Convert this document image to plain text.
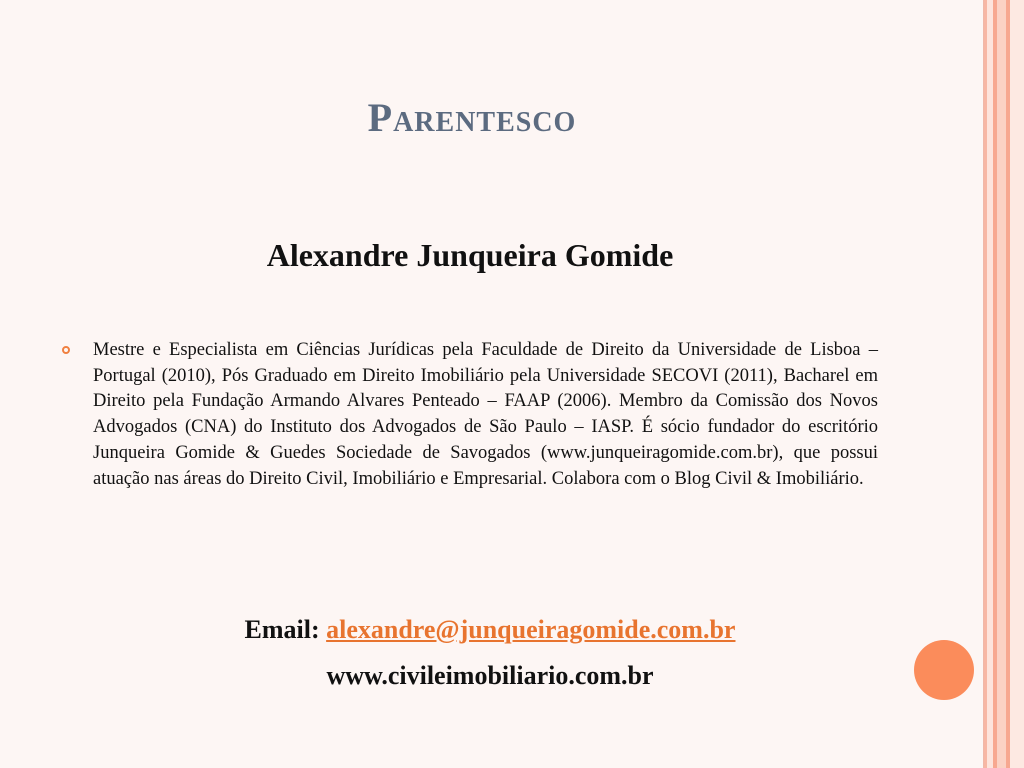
Parentesco
Alexandre Junqueira Gomide

Mestre e Especialista em Ciências Jurídicas pela Faculdade de Direito da Universidade de Lisboa – Portugal (2010), Pós Graduado em Direito Imobiliário pela Universidade SECOVI (2011), Bacharel em Direito pela Fundação Armando Alvares Penteado – FAAP (2006). Membro da Comissão dos Novos Advogados (CNA) do Instituto dos Advogados de São Paulo – IASP. É sócio fundador do escritório Junqueira Gomide & Guedes Sociedade de Savogados (www.junqueiragomide.com.br), que possui atuação nas áreas do Direito Civil, Imobiliário e Empresarial. Colabora com o Blog Civil & Imobiliário.

Email: alexandre@junqueiragomide.com.br

www.civileimobiliario.com.br
